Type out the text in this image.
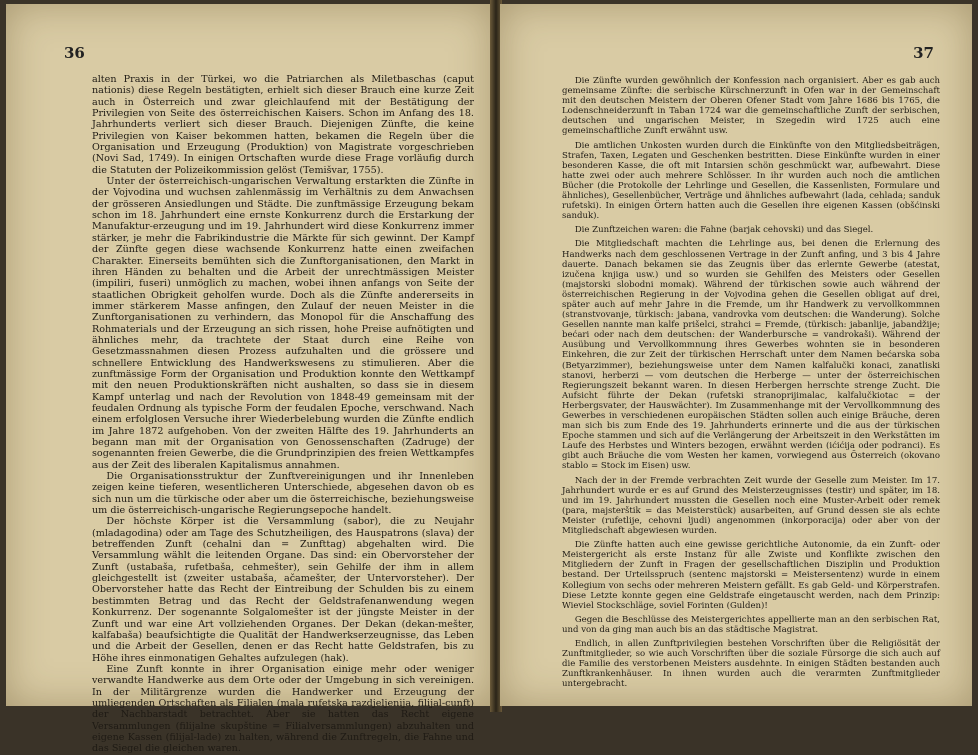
36

alten Praxis in der Türkei, wo die Patriarchen als Miletbaschas (caput nationis) diese Regeln bestätigten, erhielt sich dieser Brauch eine kurze Zeit auch in Österreich und zwar gleichlaufend mit der Bestätigung der Privilegien von Seite des österreichischen Kaisers. Schon im Anfang des 18. Jahrhunderts verliert sich dieser Brauch. Diejenigen Zünfte, die keine Privilegien von Kaiser bekommen hatten, bekamen die Regeln über die Organisation und Erzeugung (Produktion) von Magistrate vorgeschrieben (Novi Sad, 1749). In einigen Ortschaften wurde diese Frage vorläufig durch die Statuten der Polizeikommission gelöst (Temišvar, 1755).

Unter der österreichisch-ungarischen Verwaltung erstarkten die Zünfte in der Vojvodina und wuchsen zahlenmässig im Verhältnis zu dem Anwachsen der grösseren Ansiedlungen und Städte. Die zunftmässige Erzeugung bekam schon im 18. Jahrhundert eine ernste Konkurrenz durch die Erstarkung der Manufaktur-erzeugung und im 19. Jahrhundert wird diese Konkurrenz immer stärker, je mehr die Fabrikindustrie die Märkte für sich gewinnt. Der Kampf der Zünfte gegen diese wachsende Konkurrenz hatte einen zweifachen Charakter. Einerseits bemühten sich die Zunftorganisationen, den Markt in ihren Händen zu behalten und die Arbeit der unrechtmässigen Meister (impiliri, fuseri) unmöglich zu machen, wobei ihnen anfangs von Seite der staatlichen Obrigkeit geholfen wurde. Doch als die Zünfte andererseits in immer stärkerem Masse anfingen, den Zulauf der neuen Meister in die Zunftorganisationen zu verhindern, das Monopol für die Anschaffung des Rohmaterials und der Erzeugung an sich rissen, hohe Preise aufnötigten und ähnliches mehr, da trachtete der Staat durch eine Reihe von Gesetzmassnahmen diesen Prozess aufzuhalten und die grössere und schnellere Entwicklung des Handwerkswesens zu stimulieren. Aber die zunftmässige Form der Organisation und Produktion konnte den Wettkampf mit den neuen Produktionskräften nicht aushalten, so dass sie in diesem Kampf unterlag und nach der Revolution von 1848-49 gemeinsam mit der feudalen Ordnung als typische Form der feudalen Epoche, verschwand. Nach einem erfolglosen Versuche ihrer Wiederbelebung wurden die Zünfte endlich im Jahre 1872 aufgehoben. Von der zweiten Hälfte des 19. Jahrhunderts an begann man mit der Organisation von Genossenschaften (Zadruge) der sogenannten freien Gewerbe, die die Grundprinzipien des freien Wettkampfes aus der Zeit des liberalen Kapitalismus annahmen.

Die Organisationsstruktur der Zunftvereinigungen und ihr Innenleben zeigen keine tieferen, wesentlicheren Unterschiede, abgesehen davon ob es sich nun um die türkische oder aber um die österreichische, beziehungsweise um die österreichisch-ungarische Regierungsepoche handelt.

Der höchste Körper ist die Versammlung (sabor), die zu Neujahr (mladagodina) oder am Tage des Schutzheiligen, des Hauspatrons (slava) der betreffenden Zunft (cehalni dan = Zunfttag) abgehalten wird. Die Versammlung wählt die leitenden Organe. Das sind: ein Obervorsteher der Zunft (ustabaša, rufetbaša, cehmešter), sein Gehilfe der ihm in allem gleichgestellt ist (zweiter ustabaša, ačamešter, der Untervorsteher). Der Obervorsteher hatte das Recht der Eintreibung der Schulden bis zu einem bestimmten Betrag und das Recht der Geldstrafenanwendung wegen Konkurrenz. Der sogenannte Solgalomešter ist der jüngste Meister in der Zunft und war eine Art vollziehenden Organes. Der Dekan (dekan-mešter, kalfabaša) beaufsichtigte die Qualität der Handwerkserzeugnisse, das Leben und die Arbeit der Gesellen, denen er das Recht hatte Geldstrafen, bis zu Höhe ihres einmonatigen Gehaltes aufzulegen (hak).

Eine Zunft konnte in ihrer Organisation einige mehr oder weniger verwandte Handwerke aus dem Orte oder der Umgebung in sich vereinigen. In der Militärgrenze wurden die Handwerker und Erzeugung der umliegenden Ortschaften als Filialen (mala rufetska razdjeljenija, filijal-cunft) der Nachbarstadt betrachtet. Aber sie hatten das Recht eigene Versammlungen (filijalne skupštine = Filialversammlungen) abzuhalten und eigene Kassen (filijal-lade) zu halten, während die Zunftregeln, die Fahne und das Siegel die gleichen waren.

37

Die Zünfte wurden gewöhnlich der Konfession nach organisiert. Aber es gab auch gemeinsame Zünfte: die serbische Kürschnerzunft in Ofen war in der Gemeinschaft mit den deutschen Meistern der Oberen Ofener Stadt vom Jahre 1686 bis 1765, die Lodenschneiderzunft in Taban 1724 war die gemeinschaftliche Zunft der serbischen, deutschen und ungarischen Meister, in Szegedin wird 1725 auch eine gemeinschaftliche Zunft erwähnt usw.

Die amtlichen Unkosten wurden durch die Einkünfte von den Mitgliedsbeiträgen, Strafen, Taxen, Legaten und Geschenken bestritten. Diese Einkünfte wurden in einer besonderen Kasse, die oft mit Intarsien schön geschmückt war, aufbewahrt. Diese hatte zwei oder auch mehrere Schlösser. In ihr wurden auch noch die amtlichen Bücher (die Protokolle der Lehrlinge und Gesellen, die Kassenlisten, Formulare und ähnliches), Gesellenbücher, Verträge und ähnliches aufbewahrt (lada, cehlada; sanduk rufetski). In einigen Örtern hatten auch die Gesellen ihre eigenen Kassen (obšćinski sanduk).

Die Zunftzeichen waren: die Fahne (barjak cehovski) und das Siegel.

Die Mitgliedschaft machten die Lehrlinge aus, bei denen die Erlernung des Handwerks nach dem geschlossenen Vertrage in der Zunft anfing, und 3 bis 4 Jahre dauerte. Danach bekamen sie das Zeugnis über das erlernte Gewerbe (atestat, izučena knjiga usw.) und so wurden sie Gehilfen des Meisters oder Gesellen (majstorski slobodni momak). Während der türkischen sowie auch während der österreichischen Regierung in der Vojvodina gehen die Gesellen obligat auf drei, später auch auf mehr Jahre in die Fremde, um ihr Handwerk zu vervollkommnen (stranstvovanje, türkisch: jabana, vandrovka vom deutschen: die Wanderung). Solche Gesellen nannte man kalfe prišelci, strahci = Fremde, (türkisch: jabanlije, jabandžije; bećari oder nach dem deutschen: der Wanderbursche = vandrokaši). Während der Ausübung und Vervollkommnung ihres Gewerbes wohnten sie in besonderen Einkehren, die zur Zeit der türkischen Herrschaft unter dem Namen bećarska soba (Betyarzimmer), beziehungsweise unter dem Namen kalfalučki konaci, zanatliski stanovi, herberzi — vom deutschen die Herberge — unter der österreichischen Regierungszeit bekannt waren. In diesen Herbergen herrschte strenge Zucht. Die Aufsicht führte der Dekan (rufetski stranoprijimalac, kalfalučkiotac = der Herbergsvater, der Hauswächter). Im Zusammenhange mit der Vervollkommnung des Gewerbes in verschiedenen europäischen Städten sollen auch einige Bräuche, deren man sich bis zum Ende des 19. Jahrhunderts erinnerte und die aus der türkischen Epoche stammen und sich auf die Verlängerung der Arbeitszeit in den Werkstätten im Laufe des Herbstes und Winters bezogen, erwähnt werden (ićićija oder podranci). Es gibt auch Bräuche die vom Westen her kamen, vorwiegend aus Österreich (okovano stablo = Stock im Eisen) usw.

Nach der in der Fremde verbrachten Zeit wurde der Geselle zum Meister. Im 17. Jahrhundert wurde er es auf Grund des Meisterzeugnisses (testir) und später, im 18. und im 19. Jahrhundert mussten die Gesellen noch eine Muster-Arbeit oder remek (para, majsterštik = das Meisterstück) ausarbeiten, auf Grund dessen sie als echte Meister (rufetlije, cehovni ljudi) angenommen (inkorporacija) oder aber von der Mitgliedschaft abgewiesen wurden.

Die Zünfte hatten auch eine gewisse gerichtliche Autonomie, da ein Zunft- oder Meistergericht als erste Instanz für alle Zwiste und Konflikte zwischen den Mitgliedern der Zunft in Fragen der gesellschaftlichen Disziplin und Produktion bestand. Der Urteilsspruch (sentenc majstorski = Meistersentenz) wurde in einem Kollegium von sechs oder mehreren Meistern gefällt. Es gab Geld- und Körperstrafen. Diese Letzte konnte gegen eine Geldstrafe eingetauscht werden, nach dem Prinzip: Wieviel Stockschläge, soviel Forinten (Gulden)!

Gegen die Beschlüsse des Meistergerichtes appellierte man an den serbischen Rat, und von da ging man auch bis an das städtische Magistrat.

Endlich, in allen Zunftprivilegien bestehen Vorschriften über die Religiösität der Zunftmitglieder, so wie auch Vorschriften über die soziale Fürsorge die sich auch auf die Familie des verstorbenen Meisters ausdehnte. In einigen Städten bestanden auch Zunftkrankenhäuser. In ihnen wurden auch die verarmten Zunftmitglieder untergebracht.
